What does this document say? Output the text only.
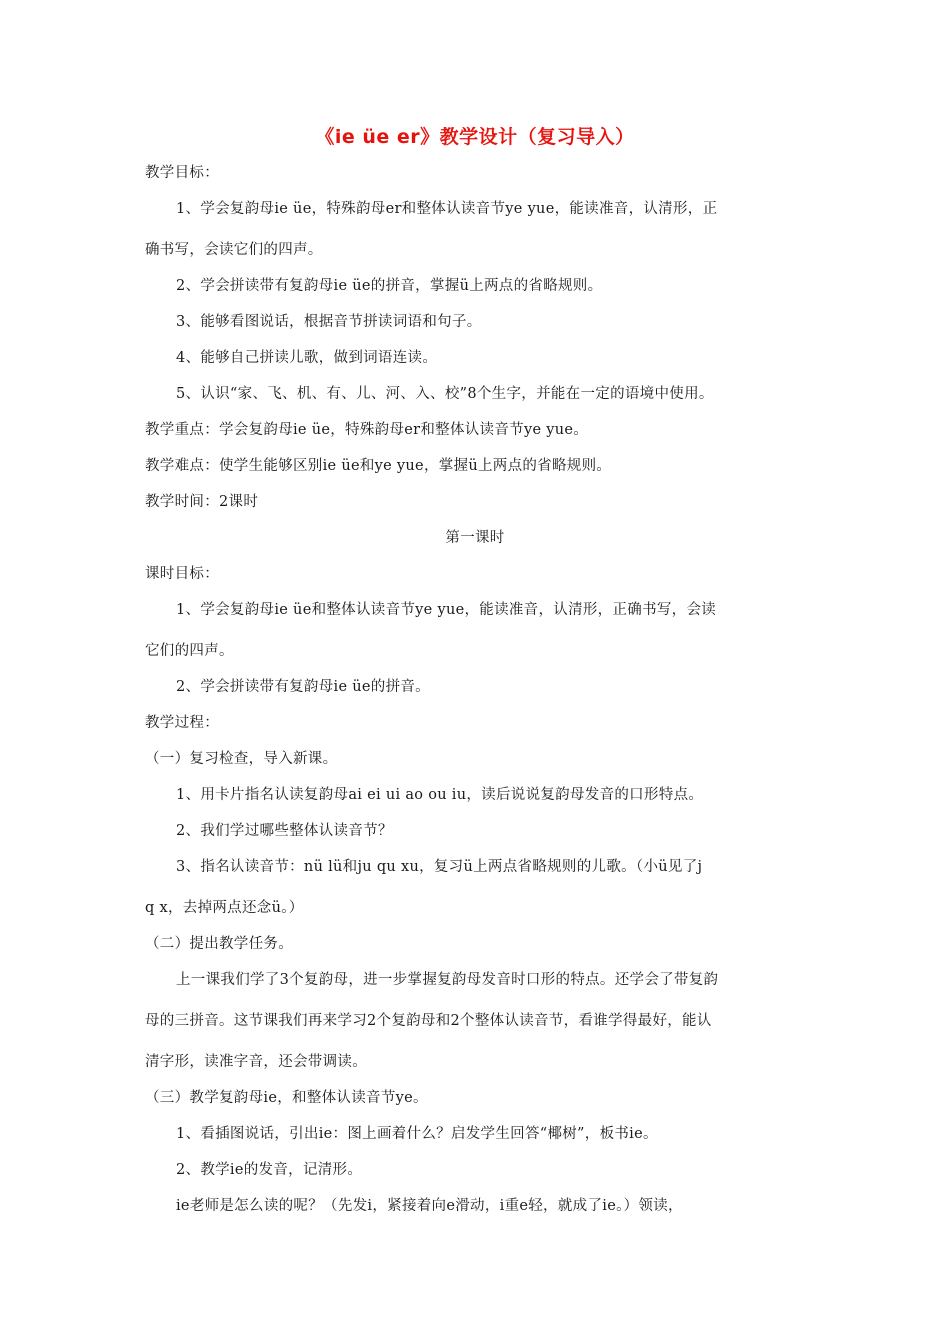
《ie üe er》教学设计（复习导入）
教学目标：
1、学会复韵母ie üe，特殊韵母er和整体认读音节ye yue，能读准音，认清形，正
确书写，会读它们的四声。
2、学会拼读带有复韵母ie üe的拼音，掌握ü上两点的省略规则。
3、能够看图说话，根据音节拼读词语和句子。
4、能够自己拼读儿歌，做到词语连读。
5、认识“家、飞、机、有、儿、河、入、校”8个生字，并能在一定的语境中使用。
教学重点：学会复韵母ie üe，特殊韵母er和整体认读音节ye yue。
教学难点：使学生能够区别ie üe和ye yue，掌握ü上两点的省略规则。
教学时间：2课时
第一课时
课时目标：
1、学会复韵母ie üe和整体认读音节ye yue，能读准音，认清形，正确书写，会读
它们的四声。
2、学会拼读带有复韵母ie üe的拼音。
教学过程：
（一）复习检查，导入新课。
1、用卡片指名认读复韵母ai ei ui ao ou iu，读后说说复韵母发音的口形特点。
2、我们学过哪些整体认读音节？
3、指名认读音节：nü lü和ju qu xu，复习ü上两点省略规则的儿歌。（小ü见了j
q x，去掉两点还念ü。）
（二）提出教学任务。
上一课我们学了3个复韵母，进一步掌握复韵母发音时口形的特点。还学会了带复韵
母的三拼音。这节课我们再来学习2个复韵母和2个整体认读音节，看谁学得最好，能认
清字形，读准字音，还会带调读。
（三）教学复韵母ie，和整体认读音节ye。
1、看插图说话，引出ie：图上画着什么？启发学生回答“椰树”，板书ie。
2、教学ie的发音，记清形。
ie老师是怎么读的呢？（先发i，紧接着向e滑动，i重e轻，就成了ie。）领读，
